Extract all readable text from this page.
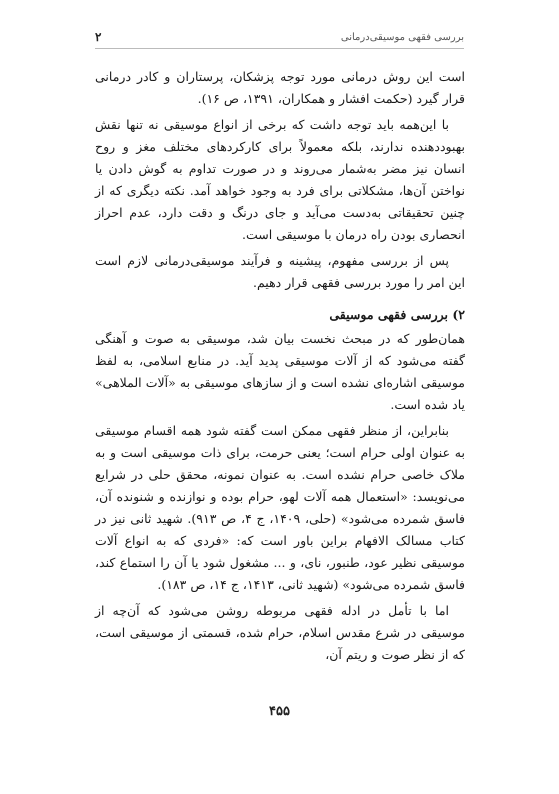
۲	بررسی فقهی موسیقی‌درمانی

است این روش درمانی مورد توجه پزشکان، پرستاران و کادر درمانی قرار گیرد (حکمت افشار و همکاران، ۱۳۹۱، ص ۱۶).

با این‌همه باید توجه داشت که برخی از انواع موسیقی نه تنها نقش بهبوددهنده ندارند، بلکه معمولاً برای کارکردهای مختلف مغز و روح انسان نیز مضر به‌شمار می‌روند و در صورت تداوم به گوش دادن یا نواختن آن‌ها، مشکلاتی برای فرد به وجود خواهد آمد. نکته دیگری که از چنین تحقیقاتی به‌دست می‌آید و جای درنگ و دقت دارد، عدم احراز انحصاری بودن راه درمان با موسیقی است.

پس از بررسی مفهوم، پیشینه و فرآیند موسیقی‌درمانی لازم است این امر را مورد بررسی فقهی قرار دهیم.

۲) بررسی فقهی موسیقی

همان‌طور که در مبحث نخست بیان شد، موسیقی به صوت و آهنگی گفته می‌شود که از آلات موسیقی پدید آید. در منابع اسلامی، به لفظ موسیقی اشاره‌ای نشده است و از سازهای موسیقی به «آلات الملاهی» یاد شده است.

بنابراین، از منظر فقهی ممکن است گفته شود همه اقسام موسیقی به عنوان اولی حرام است؛ یعنی حرمت، برای ذات موسیقی است و به ملاک خاصی حرام نشده است. به عنوان نمونه، محقق حلی در شرایع می‌نویسد: «استعمال همه آلات لهو، حرام بوده و نوازنده و شنونده آن، فاسق شمرده می‌شود» (حلی، ۱۴۰۹، ج ۴، ص ۹۱۳). شهید ثانی نیز در کتاب مسالک الافهام براین باور است که: «فردی که به انواع آلات موسیقی نظیر عود، طنبور، نای، و ... مشغول شود یا آن را استماع کند، فاسق شمرده می‌شود» (شهید ثانی، ۱۴۱۳، ج ۱۴، ص ۱۸۳).

اما با تأمل در ادله فقهی مربوطه روشن می‌شود که آن‌چه از موسیقی در شرع مقدس اسلام، حرام شده، قسمتی از موسیقی است، که از نظر صوت و ریتم آن،

۴۵۵
